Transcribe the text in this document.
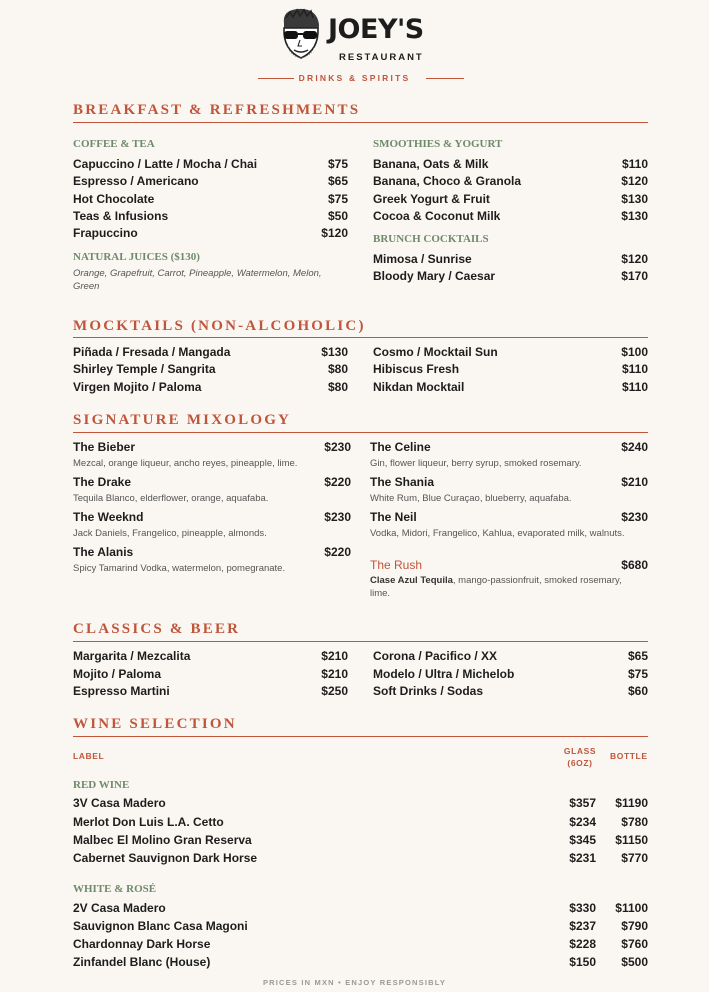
JOEY'S
RESTAURANT
DRINKS & SPIRITS
BREAKFAST & REFRESHMENTS
COFFEE & TEA
Capuccino / Latte / Mocha / Chai	$75
Espresso / Americano	$65
Hot Chocolate	$75
Teas & Infusions	$50
Frapuccino	$120
NATURAL JUICES ($130)
Orange, Grapefruit, Carrot, Pineapple, Watermelon, Melon, Green
SMOOTHIES & YOGURT
Banana, Oats & Milk	$110
Banana, Choco & Granola	$120
Greek Yogurt & Fruit	$130
Cocoa & Coconut Milk	$130
BRUNCH COCKTAILS
Mimosa / Sunrise	$120
Bloody Mary / Caesar	$170
MOCKTAILS (NON-ALCOHOLIC)
Piñada / Fresada / Mangada	$130
Shirley Temple / Sangrita	$80
Virgen Mojito / Paloma	$80
Cosmo / Mocktail Sun	$100
Hibiscus Fresh	$110
Nikdan Mocktail	$110
SIGNATURE MIXOLOGY
The Bieber	$230
Mezcal, orange liqueur, ancho reyes, pineapple, lime.
The Drake	$220
Tequila Blanco, elderflower, orange, aquafaba.
The Weeknd	$230
Jack Daniels, Frangelico, pineapple, almonds.
The Alanis	$220
Spicy Tamarind Vodka, watermelon, pomegranate.
The Celine	$240
Gin, flower liqueur, berry syrup, smoked rosemary.
The Shania	$210
White Rum, Blue Curaçao, blueberry, aquafaba.
The Neil	$230
Vodka, Midori, Frangelico, Kahlua, evaporated milk, walnuts.
The Rush	$680
Clase Azul Tequila, mango-passionfruit, smoked rosemary, lime.
CLASSICS & BEER
Margarita / Mezcalita	$210
Mojito / Paloma	$210
Espresso Martini	$250
Corona / Pacifico / XX	$65
Modelo / Ultra / Michelob	$75
Soft Drinks / Sodas	$60
WINE SELECTION
LABEL	GLASS
(6OZ)
BOTTLE
RED WINE
3V Casa Madero	$357 $1190
Merlot Don Luis L.A. Cetto	$234 $780
Malbec El Molino Gran Reserva	$345 $1150
Cabernet Sauvignon Dark Horse	$231 $770
WHITE & ROSÉ
2V Casa Madero	$330 $1100
Sauvignon Blanc Casa Magoni	$237 $790
Chardonnay Dark Horse	$228 $760
Zinfandel Blanc (House)	$150 $500
PRICES IN MXN • ENJOY RESPONSIBLY
